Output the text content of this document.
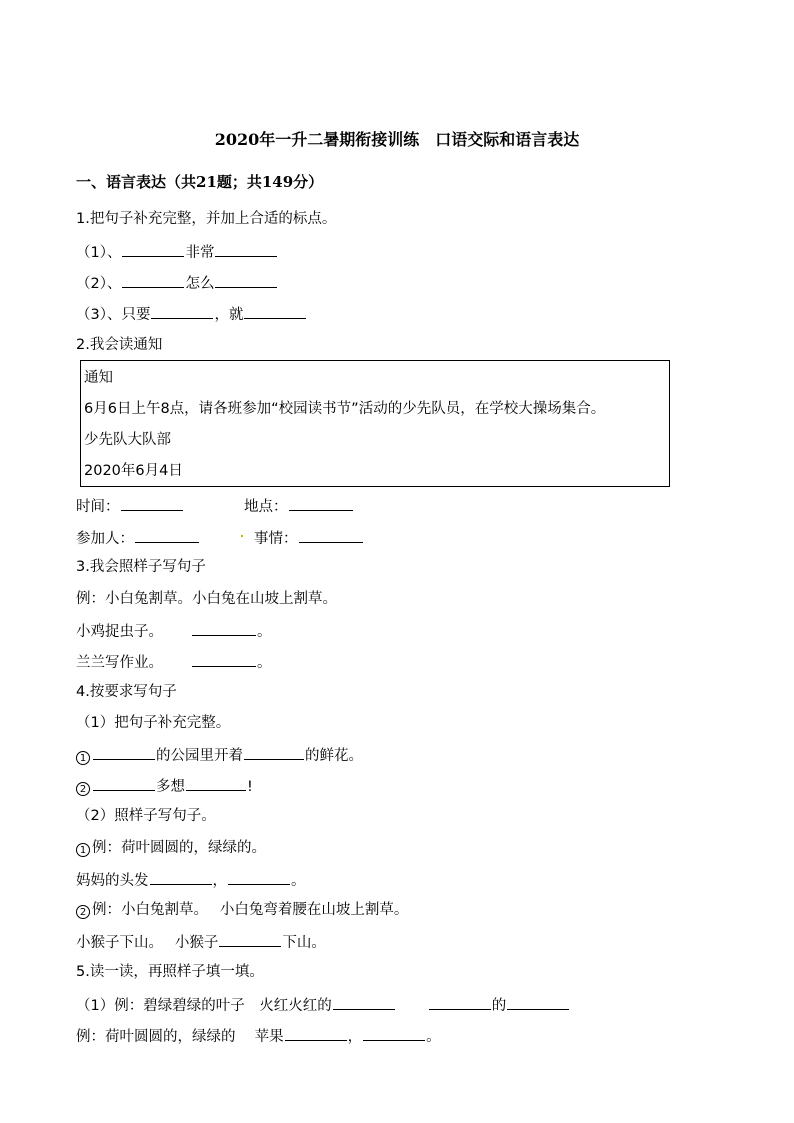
2020年一升二暑期衔接训练　口语交际和语言表达
一、语言表达（共21题；共149分）
1.把句子补充完整，并加上合适的标点。
（1）、	非常
（2）、	怎么
（3）、只要	，就
2.我会读通知
通知
6月6日上午8点，请各班参加“校园读书节”活动的少先队员，在学校大操场集合。
少先队大队部
2020年6月4日
时间：	地点：
参加人：	事情：
3.我会照样子写句子
例：小白兔割草。小白兔在山坡上割草。
小鸡捉虫子。	。
兰兰写作业。	。
4.按要求写句子
（1）把句子补充完整。
1	的公园里开着	的鲜花。
2	多想	!
（2）照样子写句子。
1 例：荷叶圆圆的，绿绿的。
妈妈的头发	，	。
2 例：小白兔割草。　 小白兔弯着腰在山坡上割草。
小猴子下山。　 小猴子	下山。
5.读一读，再照样子填一填。
（1）例：碧绿碧绿的叶子　火红火红的	的
例：荷叶圆圆的，绿绿的　 苹果	，	。
